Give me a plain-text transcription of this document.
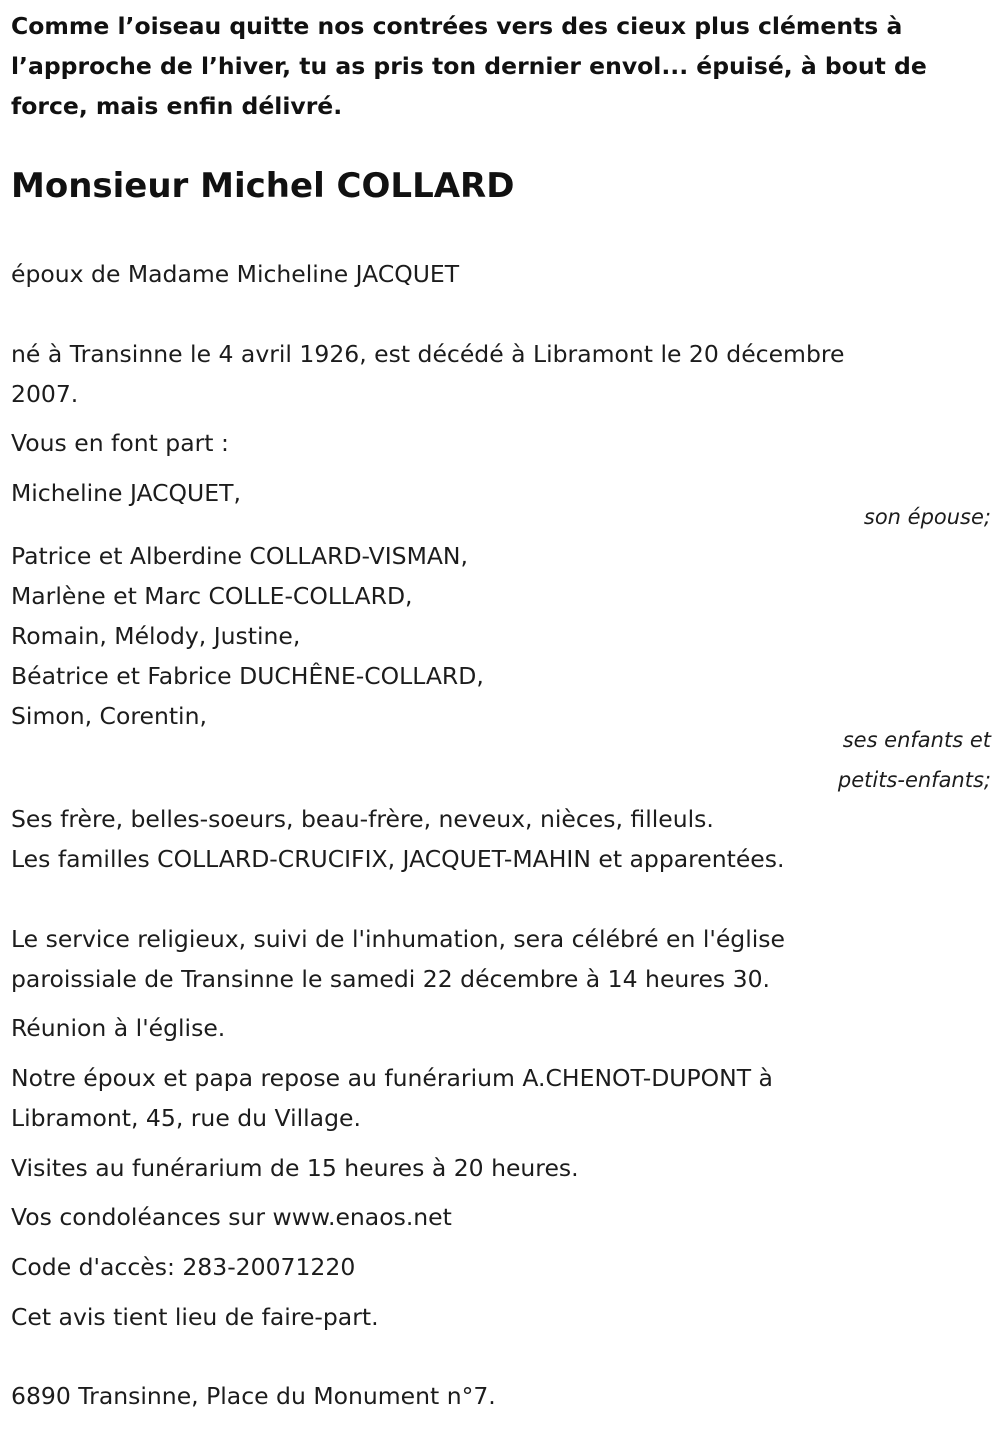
Comme l’oiseau quitte nos contrées vers des cieux plus cléments à l’approche de l’hiver, tu as pris ton dernier envol... épuisé, à bout de force, mais enfin délivré.
Monsieur Michel COLLARD
époux de Madame Micheline JACQUET
né à Transinne le 4 avril 1926, est décédé à Libramont le 20 décembre
2007.
Vous en font part :
Micheline JACQUET,
son épouse;
Patrice et Alberdine COLLARD-VISMAN,
Marlène et Marc COLLE-COLLARD,
Romain, Mélody, Justine,
Béatrice et Fabrice DUCHÊNE-COLLARD,
Simon, Corentin,
ses enfants et
petits-enfants;
Ses frère, belles-soeurs, beau-frère, neveux, nièces, filleuls.
Les familles COLLARD-CRUCIFIX, JACQUET-MAHIN et apparentées.
Le service religieux, suivi de l'inhumation, sera célébré en l'église
paroissiale de Transinne le samedi 22 décembre à 14 heures 30.
Réunion à l'église.
Notre époux et papa repose au funérarium A.CHENOT-DUPONT à
Libramont, 45, rue du Village.
Visites au funérarium de 15 heures à 20 heures.
Vos condoléances sur www.enaos.net
Code d'accès: 283-20071220
Cet avis tient lieu de faire-part.
6890 Transinne, Place du Monument n°7.
